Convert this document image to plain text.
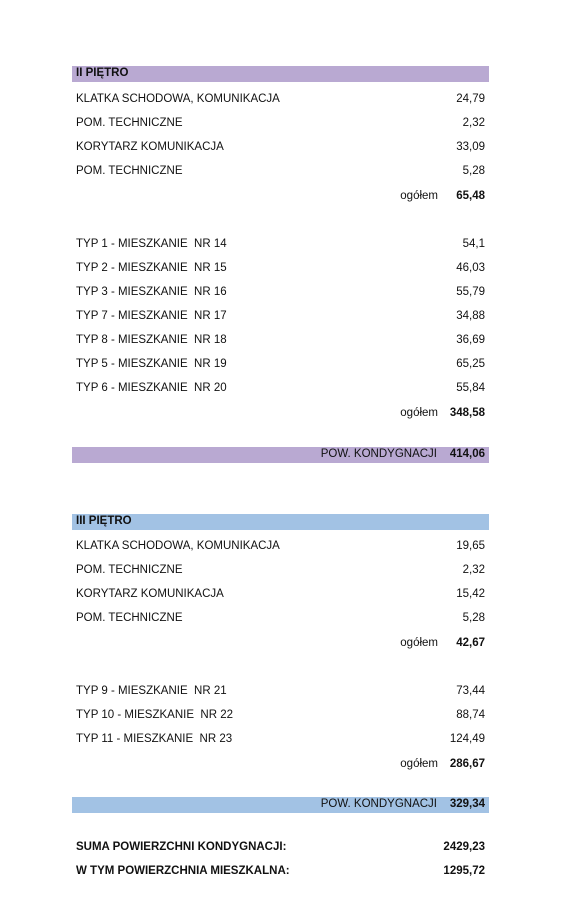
II PIĘTRO
KLATKA SCHODOWA, KOMUNIKACJA	24,79
POM. TECHNICZNE	2,32
KORYTARZ KOMUNIKACJA	33,09
POM. TECHNICZNE	5,28
ogółem 65,48
TYP 1 - MIESZKANIE  NR 14	54,1
TYP 2 - MIESZKANIE  NR 15	46,03
TYP 3 - MIESZKANIE  NR 16	55,79
TYP 7 - MIESZKANIE  NR 17	34,88
TYP 8 - MIESZKANIE  NR 18	36,69
TYP 5 - MIESZKANIE  NR 19	65,25
TYP 6 - MIESZKANIE  NR 20	55,84
ogółem 348,58
POW. KONDYGNACJI 414,06
III PIĘTRO
KLATKA SCHODOWA, KOMUNIKACJA	19,65
POM. TECHNICZNE	2,32
KORYTARZ KOMUNIKACJA	15,42
POM. TECHNICZNE	5,28
ogółem 42,67
TYP 9 - MIESZKANIE  NR 21	73,44
TYP 10 - MIESZKANIE  NR 22	88,74
TYP 11 - MIESZKANIE  NR 23	124,49
ogółem 286,67
POW. KONDYGNACJI 329,34
SUMA POWIERZCHNI KONDYGNACJI:	2429,23
W TYM POWIERZCHNIA MIESZKALNA:	1295,72
